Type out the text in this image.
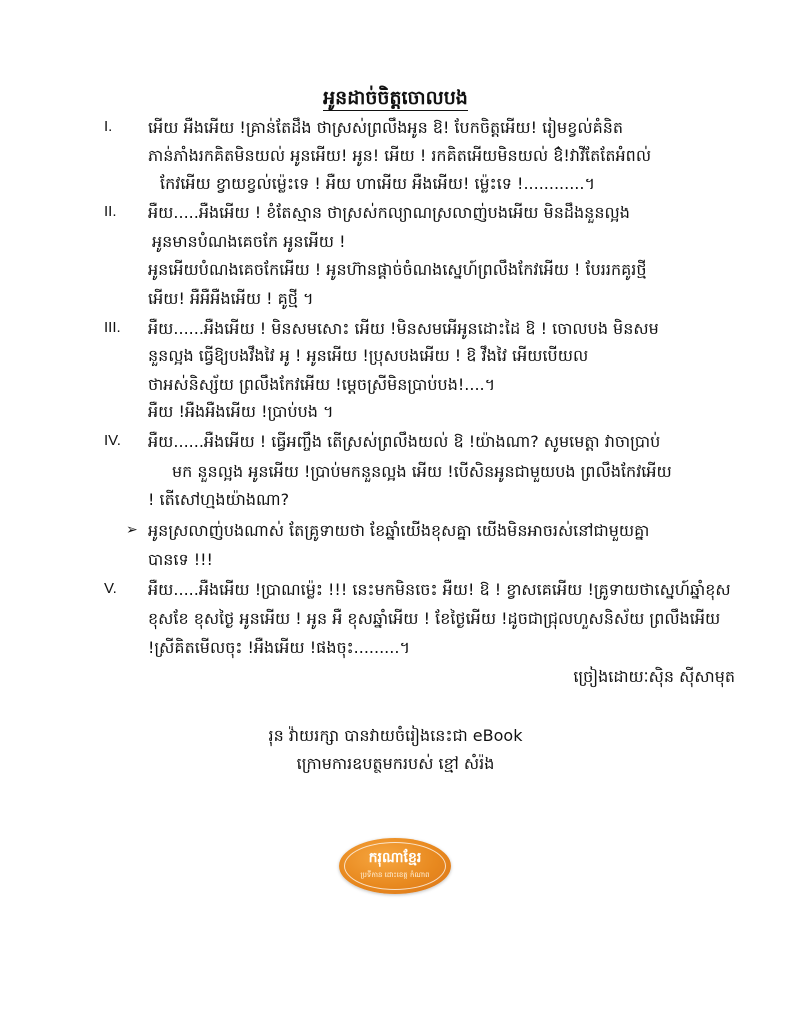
អូនដាច់ចិត្តចោលបង
I. អើយ អឺងអើយ !គ្រាន់តែដឹង ថាស្រស់ព្រលឹងអូន ឱ! បែកចិត្តអើយ! រៀមខ្វល់គំនិត
ភាន់ភាំងរកគិតមិនយល់ អូនអើយ! អូន! អើយ ! រកគិតអើយមិនយល់ ឱ៎!វាវីតែតែអំពល់
កែវអើយ ខ្វាយខ្វល់ម្ល៉េះទេ ! អឺយ ហាអើយ អឺងអើយ! ម្ល៉េះទេ !............។
II. អឺយ.....អឺងអើយ ! ខំតែស្មាន ថាស្រស់កល្យាណស្រលាញ់បងអើយ មិនដឹងនួនល្អង
អូនមានបំណងគេចកែ អូនអើយ !
អូនអើយបំណងគេចកែអើយ ! អូនហ៊ានផ្តាច់ចំណងស្នេហ៍ព្រលឹងកែវអើយ ! បែររកគូរថ្មី
អើយ! អឺអឺអឺងអើយ ! គូថ្មី ។
III. អឺយ......អឺងអើយ ! មិនសមសោះ អើយ !មិនសមអើអូនដោះដៃ ឱ ! ចោលបង មិនសម
នួនល្អង ធ្វើឱ្យបងវឹងវៃ អូ ! អូនអើយ !ប្រុសបងអើយ ! ឱ វឹងវៃ អើយបើយល
ថាអស់និស្ស័យ ព្រលឹងកែវអើយ !ម្តេចស្រីមិនប្រាប់បង!....។
អឺយ !អឺងអឺងអើយ !ប្រាប់បង ។
IV. អឺយ......អឺងអើយ ! ធ្វើអញ្ចឹង តើស្រស់ព្រលឹងយល់ ឱ !យ៉ាងណា? សូមមេត្តា វាចាប្រាប់
មក នួនល្អង អូនអើយ !ប្រាប់មកនួនល្អង អើយ !បើសិនអូនជាមួយបង ព្រលឹងកែវអើយ
! តើសៅហ្មងយ៉ាងណា?
➢ អូនស្រលាញ់បងណាស់ តែគ្រូទាយថា ខែឆ្នាំយើងខុសគ្នា យើងមិនអាចរស់នៅជាមួយគ្នា
បានទេ !!!
V. អឺយ.....អឺងអើយ !ប្រាណម្ល៉េះ !!! នេះមកមិនចេះ អឺយ! ឱ ! ខ្វាសគេអើយ !គ្រូទាយថាស្នេហ៍ឆ្នាំខុស
ខុសខែ ខុសថ្ងៃ អូនអើយ ! អូន អឺ ខុសឆ្នាំអើយ ! ខែថ្ងៃអើយ !ដូចជាជ្រុលហួសនិស័យ ព្រលឹងអើយ
!ស្រីគិតមើលចុះ !អឺងអើយ !ផងចុះ.........។
ច្រៀងដោយៈស៊ិន ស៊ីសាមុត
រុន វ៉ាយរក្សា បានវាយចំរៀងនេះជា eBook
ក្រោមការឧបត្ថមករបស់ ខ្មៅ សំរ៉ង
ករុណាខ្មែរ
ប្រទីកាន ដោះខេត្ត កំណាព
